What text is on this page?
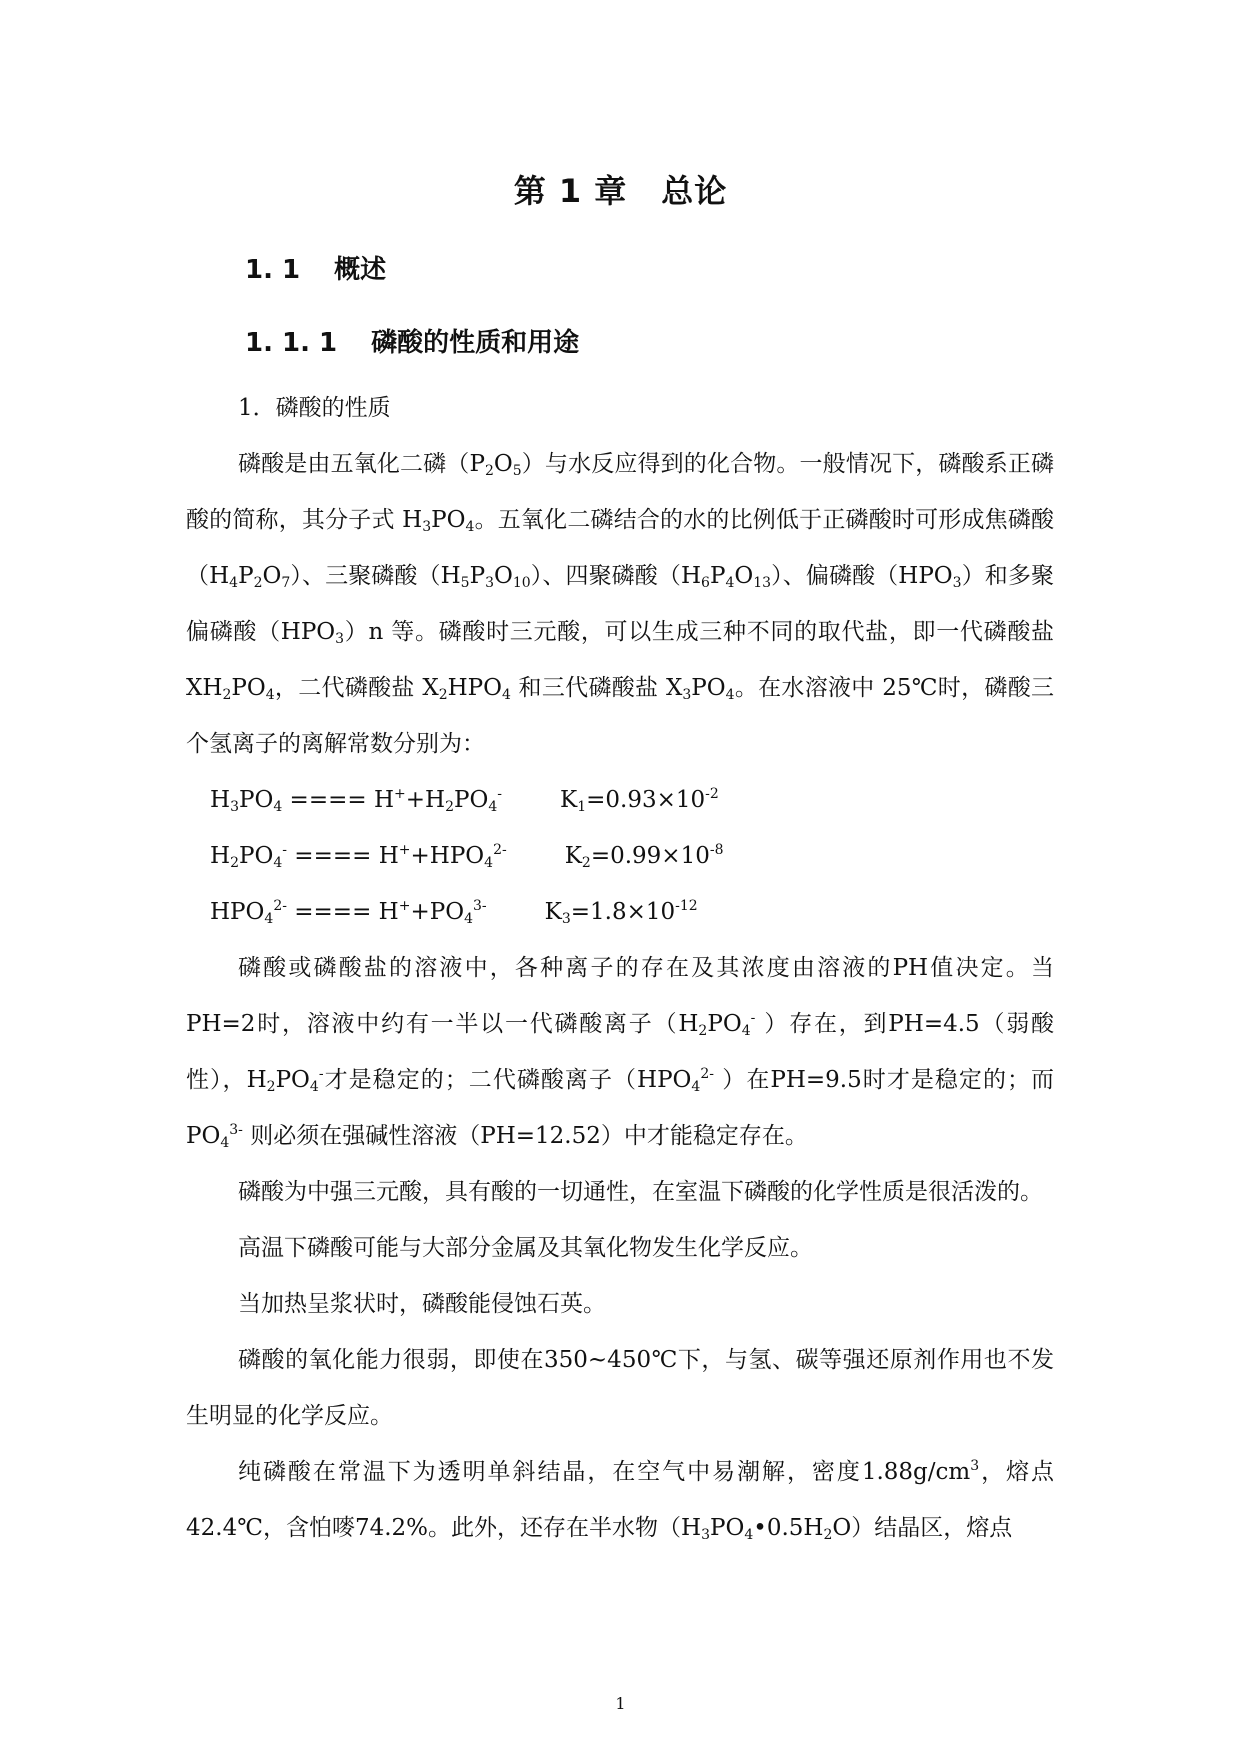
第 1 章 总论
1. 1 概述
1. 1. 1 磷酸的性质和用途

1．磷酸的性质

磷酸是由五氧化二磷$(P_2O_5)$与水反应得到的化合物。一般情况下，磷酸系正磷酸的简称，其分子式 $H_3PO_4$。五氧化二磷结合的水的比例低于正磷酸时可形成焦磷酸$(H_4P_2O_7)$、三聚磷酸$(H_5P_3O_{10})$、四聚磷酸$(H_6P_4O_{13})$、偏磷酸$(HPO_3)$和多聚偏磷酸$(HPO_3)n$ 等。磷酸时三元酸，可以生成三种不同的取代盐，即一代磷酸盐 $XH_2PO_4$，二代磷酸盐 $X_2HPO_4$ 和三代磷酸盐 $X_3PO_4$。在水溶液中 25℃时，磷酸三个氢离子的离解常数分别为：

$H_3PO_4$ ==== $H^++H_2PO_4^-$	$K_1=0.93\times 10^{-2}$

$H_2PO_4^-$ ==== $H^++HPO_4^{2-}$	$K_2=0.99\times 10^{-8}$

$HPO_4^{2-}$ ==== $H^++PO_4^{3-}$	$K_3=1.8\times 10^{-12}$

磷酸或磷酸盐的溶液中，各种离子的存在及其浓度由溶液的PH值决定。当PH=2时，溶液中约有一半以一代磷酸离子（$H_2PO_4^-$ ）存在，到PH=4.5（弱酸性），$H_2PO_4^-$才是稳定的；二代磷酸离子（$HPO_4^{2-}$ ）在PH=9.5时才是稳定的；而 $PO_4^{3-}$ 则必须在强碱性溶液（PH=12.52）中才能稳定存在。

磷酸为中强三元酸，具有酸的一切通性，在室温下磷酸的化学性质是很活泼的。

高温下磷酸可能与大部分金属及其氧化物发生化学反应。

当加热呈浆状时，磷酸能侵蚀石英。

磷酸的氧化能力很弱，即使在350~450℃下，与氢、碳等强还原剂作用也不发生明显的化学反应。

纯磷酸在常温下为透明单斜结晶，在空气中易潮解，密度$1.88g/cm^3$，熔点 42.4℃，含怕嘜74.2%。此外，还存在半水物$(H_3PO_4•0.5H_2O)$结晶区，熔点

1
